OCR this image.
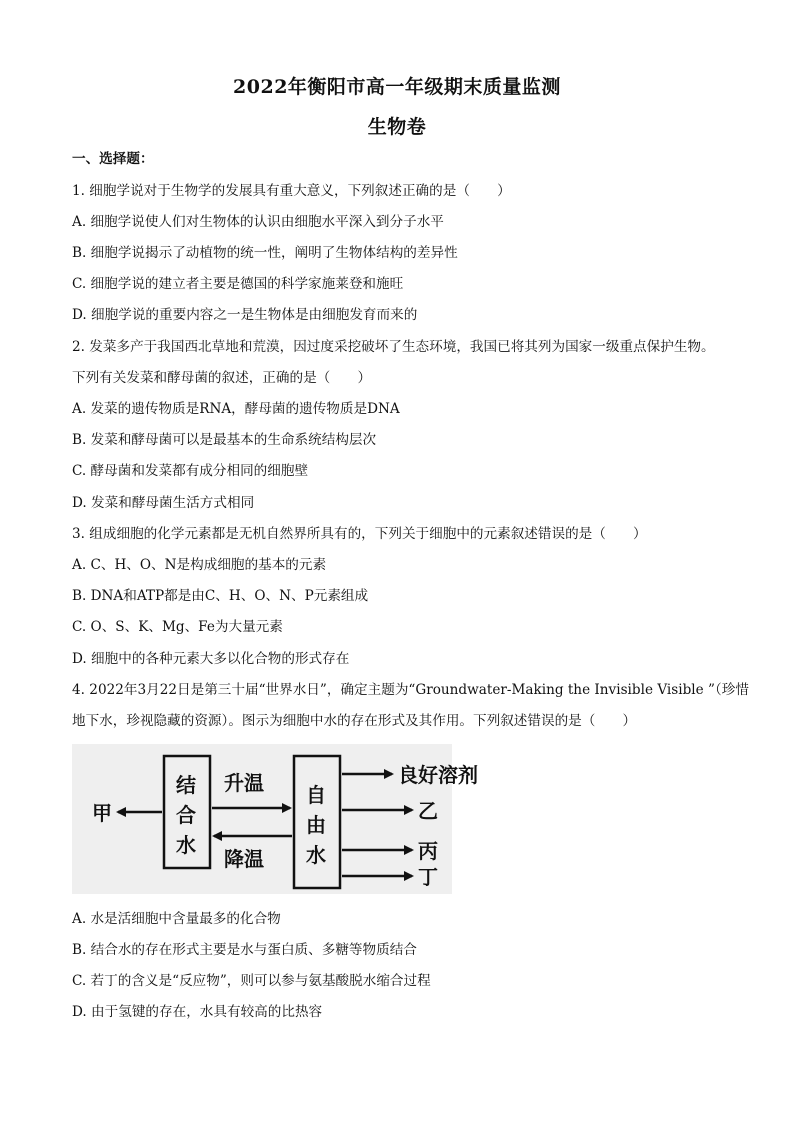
2022年衡阳市高一年级期末质量监测
生物卷
一、选择题：
1. 细胞学说对于生物学的发展具有重大意义，下列叙述正确的是（　　）
A. 细胞学说使人们对生物体的认识由细胞水平深入到分子水平
B. 细胞学说揭示了动植物的统一性，阐明了生物体结构的差异性
C. 细胞学说的建立者主要是德国的科学家施莱登和施旺
D. 细胞学说的重要内容之一是生物体是由细胞发育而来的
2. 发菜多产于我国西北草地和荒漠，因过度采挖破坏了生态环境，我国已将其列为国家一级重点保护生物。
下列有关发菜和酵母菌的叙述，正确的是（　　）
A. 发菜的遗传物质是RNA，酵母菌的遗传物质是DNA
B. 发菜和酵母菌可以是最基本的生命系统结构层次
C. 酵母菌和发菜都有成分相同的细胞壁
D. 发菜和酵母菌生活方式相同
3. 组成细胞的化学元素都是无机自然界所具有的，下列关于细胞中的元素叙述错误的是（　　）
A. C、H、O、N是构成细胞的基本的元素
B. DNA和ATP都是由C、H、O、N、P元素组成
C. O、S、K、Mg、Fe为大量元素
D. 细胞中的各种元素大多以化合物的形式存在
4. 2022年3月22日是第三十届“世界水日”，确定主题为“Groundwater-Making the Invisible Visible ”（珍惜
地下水，珍视隐藏的资源）。图示为细胞中水的存在形式及其作用。下列叙述错误的是（　　）
结
合
水
自
由
水
升温
降温
甲
良好溶剂
乙
丙
丁
A. 水是活细胞中含量最多的化合物
B. 结合水的存在形式主要是水与蛋白质、多糖等物质结合
C. 若丁的含义是“反应物”，则可以参与氨基酸脱水缩合过程
D. 由于氢键的存在，水具有较高的比热容
